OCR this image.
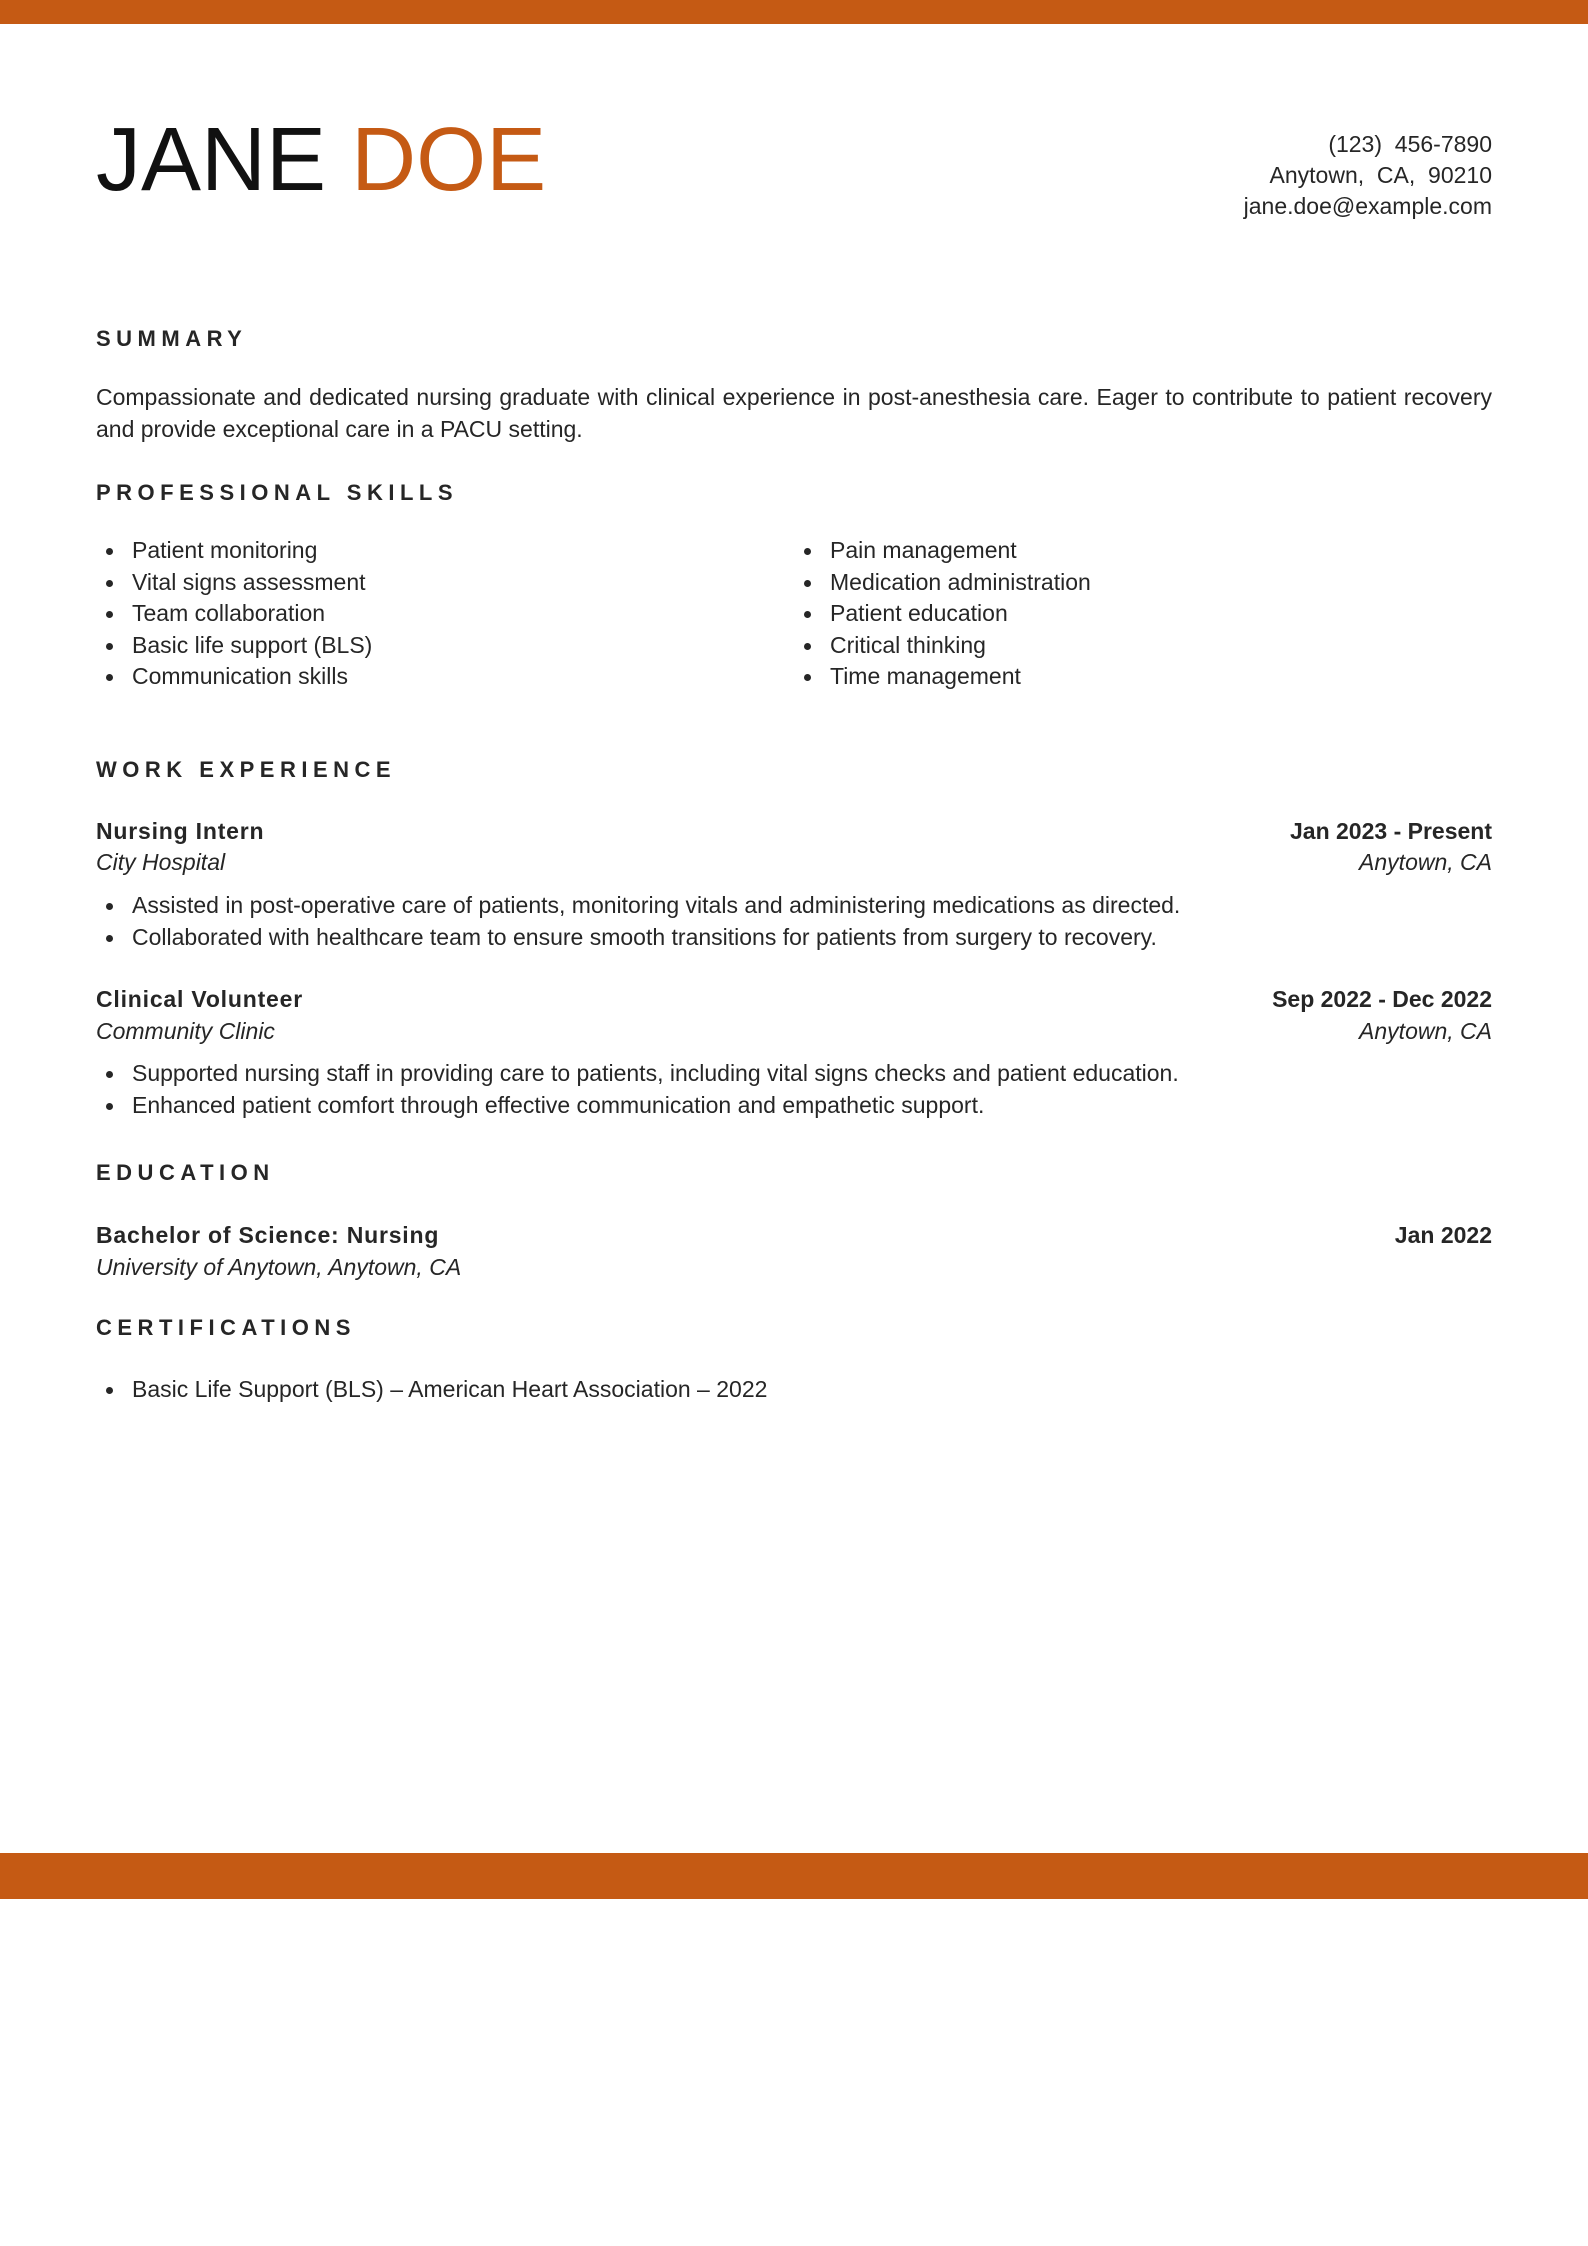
JANE DOE	(123)  456-7890
Anytown,  CA,  90210
jane.doe@example.com
SUMMARY
Compassionate and dedicated nursing graduate with clinical experience in post-anesthesia care. Eager to contribute to patient recovery and provide exceptional care in a PACU setting.
PROFESSIONAL SKILLS
Patient monitoring
Vital signs assessment
Team collaboration
Basic life support (BLS)
Communication skills
Pain management
Medication administration
Patient education
Critical thinking
Time management
WORK EXPERIENCE
Nursing Intern	Jan 2023 - Present
City Hospital	Anytown, CA
Assisted in post-operative care of patients, monitoring vitals and administering medications as directed.
Collaborated with healthcare team to ensure smooth transitions for patients from surgery to recovery.
Clinical Volunteer	Sep 2022 - Dec 2022
Community Clinic	Anytown, CA
Supported nursing staff in providing care to patients, including vital signs checks and patient education.
Enhanced patient comfort through effective communication and empathetic support.
EDUCATION
Bachelor of Science: Nursing	Jan 2022
University of Anytown, Anytown, CA
CERTIFICATIONS
Basic Life Support (BLS) – American Heart Association – 2022
